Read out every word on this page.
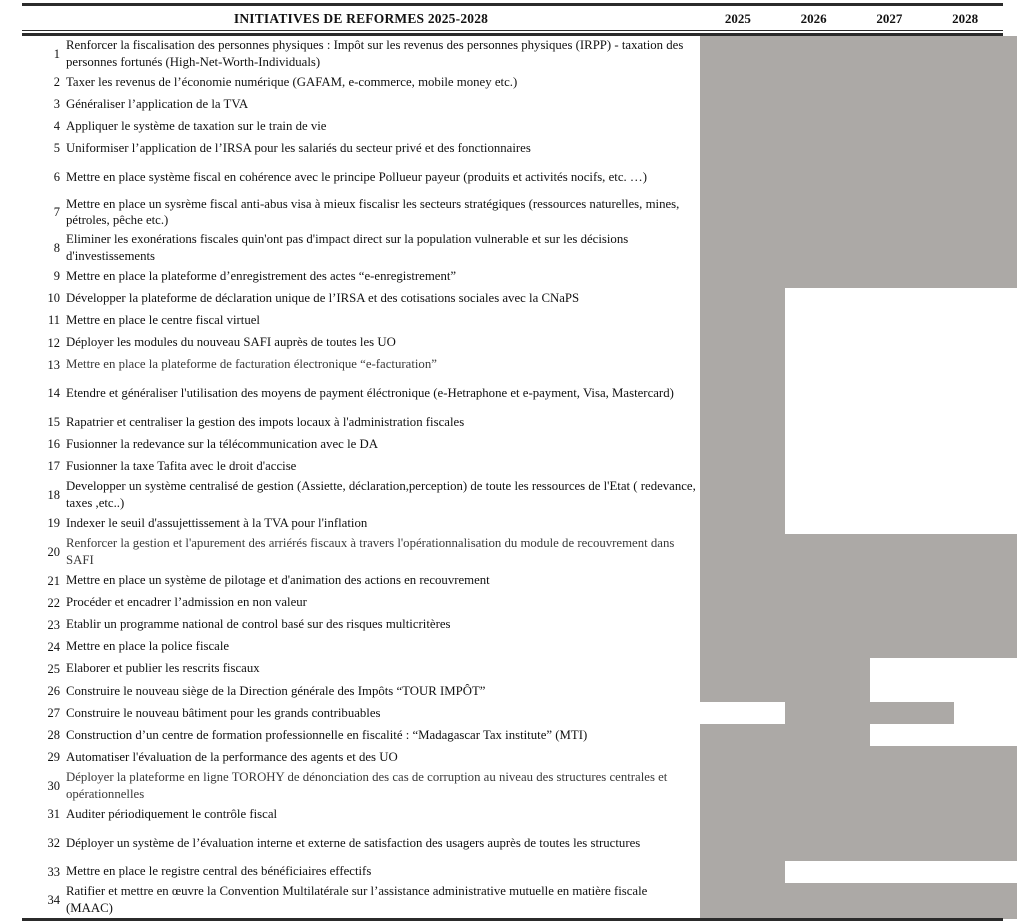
INITIATIVES DE REFORMES 2025-2028	2025	2026	2027	2028
1
Renforcer la fiscalisation des personnes physiques : Impôt sur les revenus des personnes physiques (IRPP) - taxation des personnes fortunés (High-Net-Worth-Individuals)
2 Taxer les revenus de l’économie numérique (GAFAM, e-commerce, mobile money etc.)
3 Généraliser l’application de la TVA
4 Appliquer le système de taxation sur le train de vie
5 Uniformiser l’application de l’IRSA pour les salariés du secteur privé et des fonctionnaires
6 Mettre en place système fiscal en cohérence avec le principe Pollueur payeur (produits et activités nocifs, etc. …)
7
Mettre en place un sysrème fiscal anti-abus visa à mieux fiscalisr les secteurs stratégiques (ressources naturelles, mines, pétroles, pêche etc.)
8
Eliminer les exonérations fiscales quin'ont pas d'impact direct sur la population vulnerable et sur les décisions d'investissements
9 Mettre en place la plateforme d’enregistrement des actes “e-enregistrement”
10 Développer la plateforme de déclaration unique de l’IRSA et des cotisations sociales avec la CNaPS
11 Mettre en place le centre fiscal virtuel
12 Déployer les modules du nouveau SAFI auprès de toutes les UO
13 Mettre en place la plateforme de facturation électronique “e-facturation”
14 Etendre et généraliser l'utilisation des moyens de payment éléctronique (e-Hetraphone et e-payment, Visa, Mastercard)
15 Rapatrier et centraliser la gestion des impots locaux à l'administration fiscales
16 Fusionner la redevance sur la télécommunication avec le DA
17 Fusionner la taxe Tafita avec le droit d'accise
18
Developper un système centralisé de gestion (Assiette, déclaration,perception) de toute les ressources de l'Etat ( redevance, taxes ,etc..)
19 Indexer le seuil d'assujettissement à la TVA pour l'inflation
20
Renforcer la gestion et l'apurement des arriérés fiscaux à travers l'opérationnalisation du module de recouvrement dans SAFI
21 Mettre en place un système de pilotage et d'animation des actions en recouvrement
22 Procéder et encadrer l’admission en non valeur
23 Etablir un programme national de control basé sur des risques multicritères
24 Mettre en place la police fiscale
25 Elaborer et publier les rescrits fiscaux
26 Construire le nouveau siège de la Direction générale des Impôts “TOUR IMPÔT”
27 Construire le nouveau bâtiment pour les grands contribuables
28 Construction d’un centre de formation professionnelle en fiscalité : “Madagascar Tax institute” (MTI)
29 Automatiser l'évaluation de la performance des agents et des UO
30
Déployer la plateforme en ligne TOROHY de dénonciation des cas de corruption au niveau des structures centrales et opérationnelles
31 Auditer périodiquement le contrôle fiscal
32 Déployer un système de l’évaluation interne et externe de satisfaction des usagers auprès de toutes les structures
33 Mettre en place le registre central des bénéficiaires effectifs
34
Ratifier et mettre en œuvre la Convention Multilatérale sur l’assistance administrative mutuelle en matière fiscale (MAAC)
